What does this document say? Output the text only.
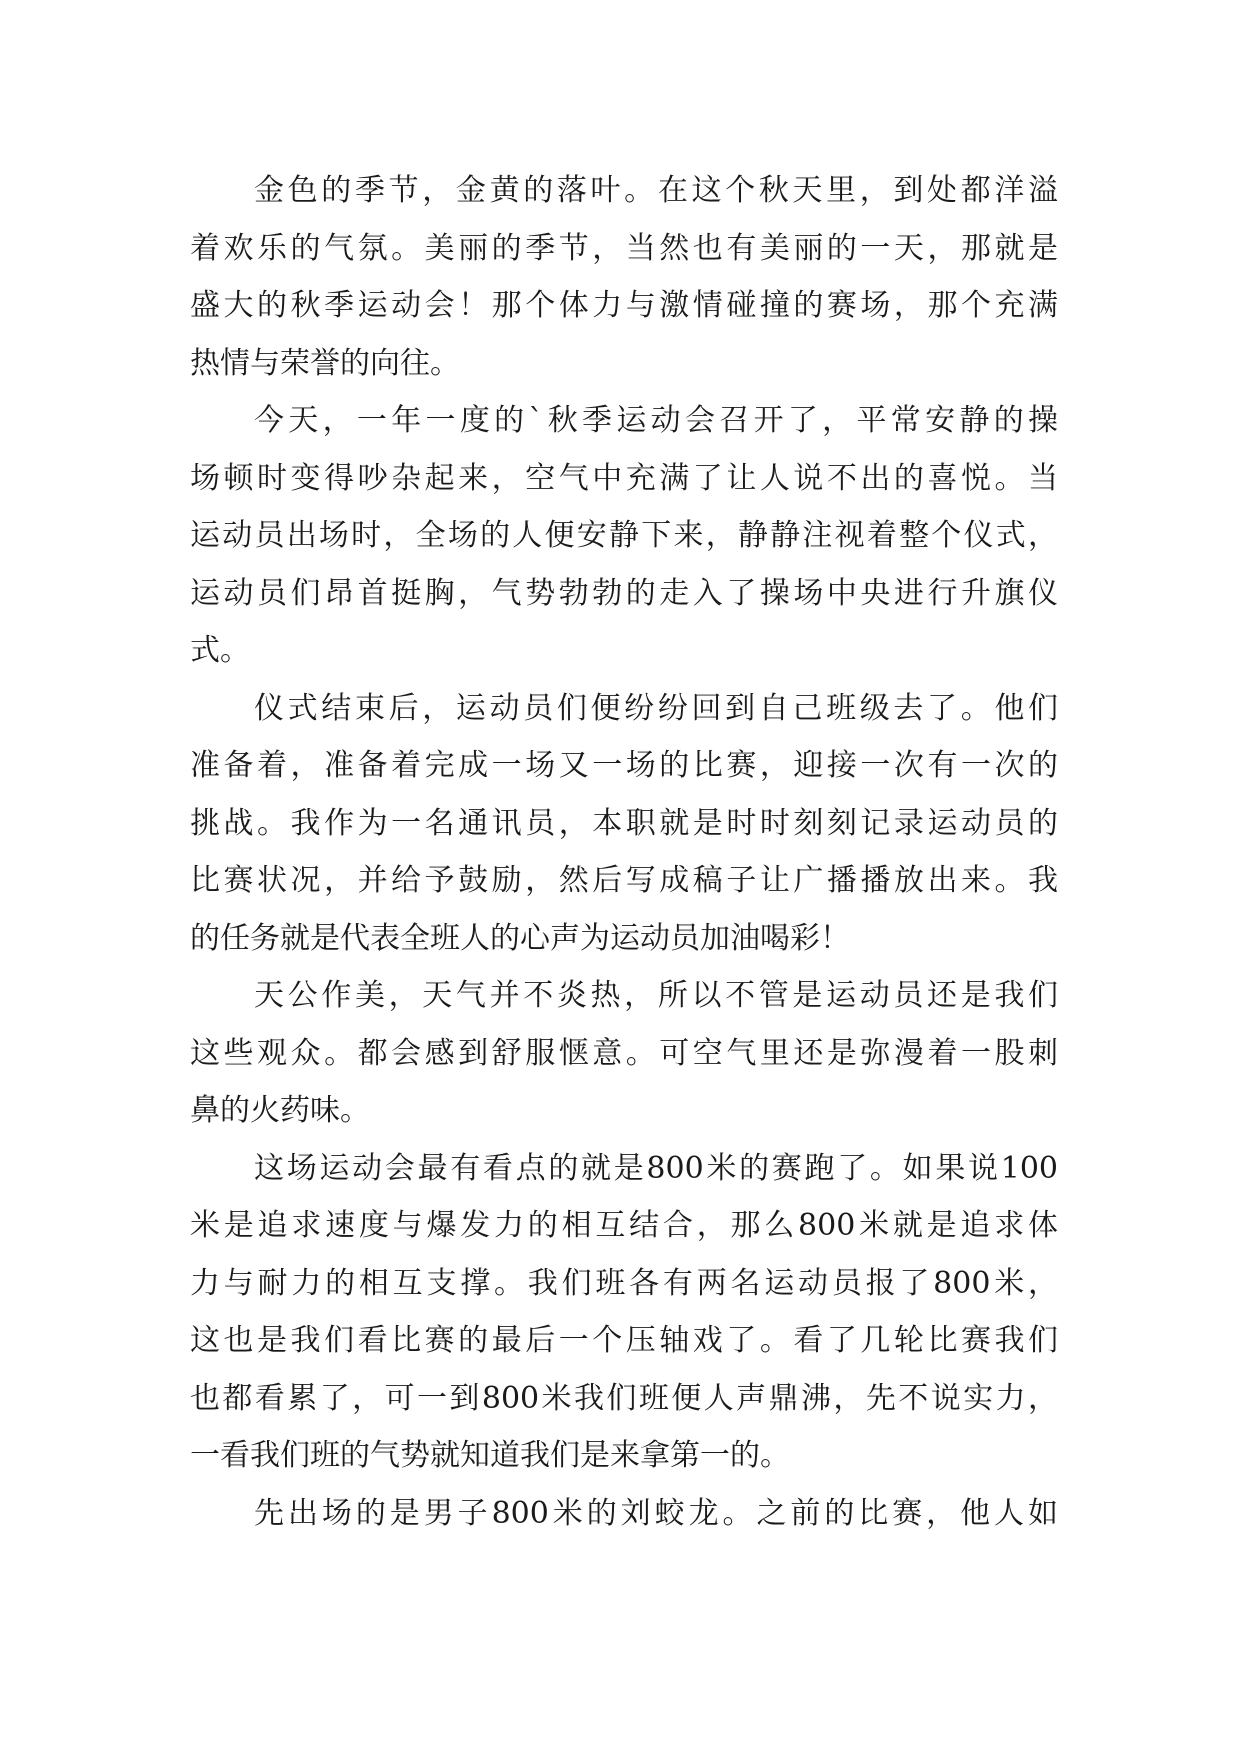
金色的季节，金黄的落叶。在这个秋天里，到处都洋溢
着欢乐的气氛。美丽的季节，当然也有美丽的一天，那就是
盛大的秋季运动会！那个体力与激情碰撞的赛场，那个充满
热情与荣誉的向往。
今天，一年一度的`秋季运动会召开了，平常安静的操
场顿时变得吵杂起来，空气中充满了让人说不出的喜悦。当
运动员出场时，全场的人便安静下来，静静注视着整个仪式，
运动员们昂首挺胸，气势勃勃的走入了操场中央进行升旗仪
式。
仪式结束后，运动员们便纷纷回到自己班级去了。他们
准备着，准备着完成一场又一场的比赛，迎接一次有一次的
挑战。我作为一名通讯员，本职就是时时刻刻记录运动员的
比赛状况，并给予鼓励，然后写成稿子让广播播放出来。我
的任务就是代表全班人的心声为运动员加油喝彩！
天公作美，天气并不炎热，所以不管是运动员还是我们
这些观众。都会感到舒服惬意。可空气里还是弥漫着一股刺
鼻的火药味。
这场运动会最有看点的就是800米的赛跑了。如果说100
米是追求速度与爆发力的相互结合，那么800米就是追求体
力与耐力的相互支撑。我们班各有两名运动员报了800米，
这也是我们看比赛的最后一个压轴戏了。看了几轮比赛我们
也都看累了，可一到800米我们班便人声鼎沸，先不说实力，
一看我们班的气势就知道我们是来拿第一的。
先出场的是男子800米的刘蛟龙。之前的比赛，他人如
